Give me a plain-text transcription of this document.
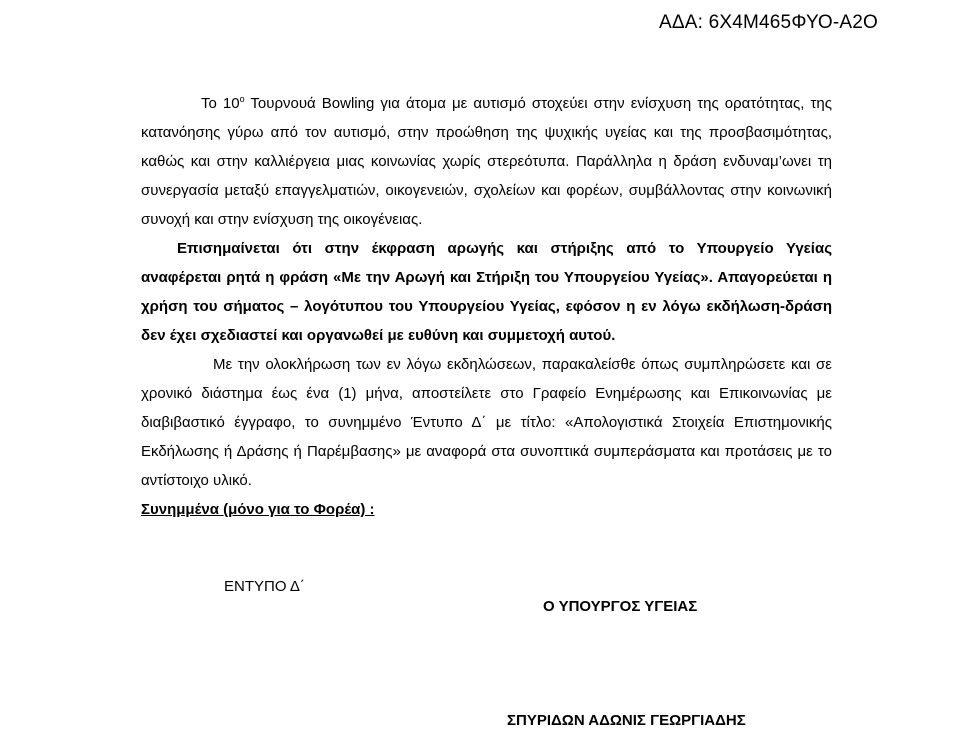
ΑΔΑ: 6Χ4Μ465ΦΥΟ-Α2Ο

Το $10^o$ Τουρνουά Bowling για άτομα με αυτισμό στοχεύει στην ενίσχυση της ορατότητας, της κατανόησης γύρω από τον αυτισμό, στην προώθηση της ψυχικής υγείας και της προσβασιμότητας, καθώς και στην καλλιέργεια μιας κοινωνίας χωρίς στερεότυπα. Παράλληλα η δράση ενδυναμ’ωνει τη συνεργασία μεταξύ επαγγελματιών, οικογενειών, σχολείων και φορέων, συμβάλλοντας στην κοινωνική συνοχή και στην ενίσχυση της οικογένειας.

Επισημαίνεται ότι στην έκφραση αρωγής και στήριξης από το Υπουργείο Υγείας αναφέρεται ρητά η φράση «Με την Αρωγή και Στήριξη του Υπουργείου Υγείας». Απαγορεύεται η χρήση του σήματος – λογότυπου του Υπουργείου Υγείας, εφόσον η εν λόγω εκδήλωση-δράση δεν έχει σχεδιαστεί και οργανωθεί με ευθύνη και συμμετοχή αυτού.

Με την ολοκλήρωση των εν λόγω εκδηλώσεων, παρακαλείσθε όπως συμπληρώσετε και σε χρονικό διάστημα έως ένα (1) μήνα, αποστείλετε στο Γραφείο Ενημέρωσης και Επικοινωνίας με διαβιβαστικό έγγραφο, το συνημμένο Έντυπο Δ΄ με τίτλο: «Απολογιστικά Στοιχεία Επιστημονικής Εκδήλωσης ή Δράσης ή Παρέμβασης» με αναφορά στα συνοπτικά συμπεράσματα και προτάσεις με το αντίστοιχο υλικό.

Συνημμένα (μόνο για το Φορέα) :

ΕΝΤΥΠΟ Δ΄
Ο ΥΠΟΥΡΓΟΣ ΥΓΕΙΑΣ
ΣΠΥΡΙΔΩΝ ΑΔΩΝΙΣ ΓΕΩΡΓΙΑΔΗΣ
